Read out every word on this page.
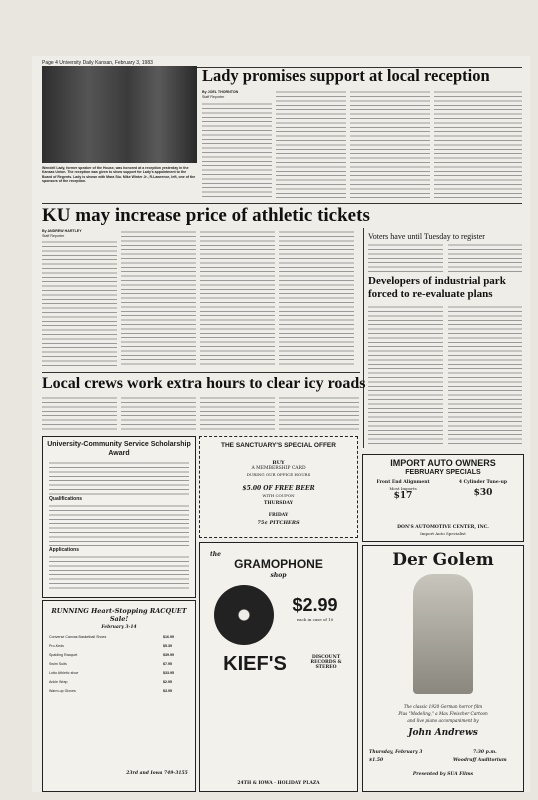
Page 4 University Daily Kansan, February 3, 1983
Wendell Lady, former speaker of the House, was honored at a reception yesterday in the Kansas Union. The reception was given to show support for Lady's appointment to the Board of Regents. Lady is shown with Mara Stu. Mike Winter Jr., R-Lawrence, left, one of the sponsors of the reception.
Lady promises support at local reception
By JOEL THORNTON
Staff Reporter
KU may increase price of athletic tickets
By ANDREW HARTLEY
Staff Reporter	Voters have until Tuesday to register
Developers of industrial park forced to re-evaluate plans
Local crews work extra hours to clear icy roads
University-Community Service Scholarship Award
Qualifications
Applications
THE SANCTUARY'S SPECIAL OFFER
BUY
A MEMBERSHIP CARD
DURING OUR OFFICE HOURS
$5.00 OF FREE BEER
WITH COUPON
THURSDAY
FRIDAY
75¢ PITCHERS
IMPORT AUTO OWNERS
FEBRUARY SPECIALS
Front End Alignment
Most Imports
$17
4 Cylinder Tune-up
$30
DON'S AUTOMOTIVE CENTER, INC.
Import Auto Specialist
RUNNING Heart-Stopping RACQUET Sale!
February 3-14
Converse Canvas Basketball Shoes	$16.99
Pro-Keds	$5.39
Spalding Racquet	$39.99
Swim Suits	$7.95
Lotto Athletic shoe	$33.95
Ankle Wrap	$2.95
Warm-up Gloves	$3.95
23rd and Iowa 749-3155
the
GRAMOPHONE
shop
$2.99
each in case of 10
KIEF'S	DISCOUNT RECORDS & STEREO
24TH & IOWA · HOLIDAY PLAZA
Der Golem
The classic 1920 German horror film
Plus "Modeling," a Max Fleischer Cartoon
and live piano accompaniment by
John Andrews
Thursday, February 3	7:30 p.m.
$1.50	Woodruff Auditorium
Presented by SUA Films
